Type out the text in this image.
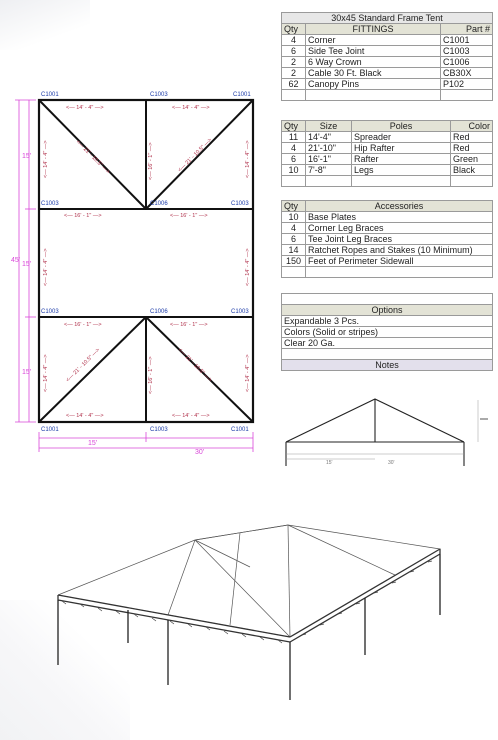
45'
15'
15'
15'
15'
30'
C1001	C1003	C1001
C1003	C1006	C1003
C1003	C1006	C1003
C1001	C1003	C1001
<— 14' - 4" —>	<— 14' - 4" —>
<— 16' - 1" —>	<— 16' - 1" —>
<— 16' - 1" —>	<— 16' - 1" —>
<— 14' - 4" —>	<— 14' - 4" —>
<— 14' - 4" —>	<— 14' - 4" —>
<— 16' - 1" —>
<— 14' - 4" —>	<— 14' - 4" —>
<— 14' - 4" —>	<— 14' - 4" —>
<— 16' - 1" —>
<— 21' - 10.5" —>	<— 21' - 10.5" —>
<— 21' - 10.5" —>	<— 21' - 10.5" —>
30x45 Standard Frame Tent		
Qty	FITTINGS	Part #
4	Corner	C1001
6	Side Tee Joint	C1003
2	6 Way Crown	C1006
2	Cable 30 Ft. Black	CB30X
62	Canopy Pins	P102

Qty	Size	Poles	Color
11	14'-4"	Spreader	Red
4	21'-10"	Hip Rafter	Red
6	16'-1"	Rafter	Green
10	7'-8"	Legs	Black

Qty	Accessories
10	Base Plates
4	Corner Leg Braces
6	Tee Joint Leg Braces
14	Ratchet Ropes and Stakes (10 Minimum)
150	Feet of Perimeter Sidewall

Options
Expandable 3 Pcs.
Colors (Solid or stripes)
Clear 20 Ga.

Notes
15'	30'
